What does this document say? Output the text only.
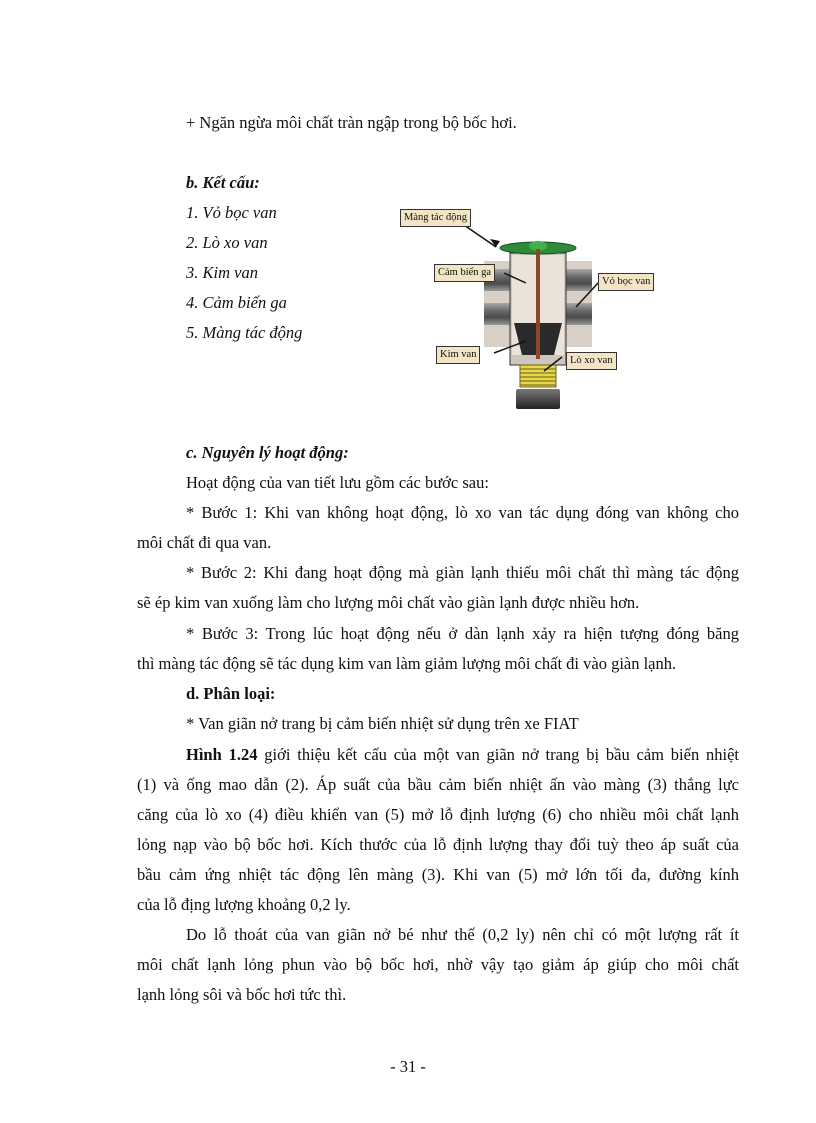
+ Ngăn ngừa môi chất tràn ngập trong bộ bốc hơi.
b. Kết cấu:
1. Vỏ bọc van
2. Lò xo van
3. Kim van
4. Cảm biến ga
5. Màng tác động
Màng tác động
Cảm biến ga
Vỏ bọc van
Kim van
Lò xo van
c. Nguyên lý hoạt động:
Hoạt động của van tiết lưu gồm các bước sau:
* Bước 1: Khi van không hoạt động, lò xo van tác dụng đóng van không cho
môi chất đi qua van.
* Bước 2: Khi đang hoạt động mà giàn lạnh thiếu môi chất thì màng tác động
sẽ ép kim van xuống làm cho lượng môi chất vào giàn lạnh được nhiều hơn.
* Bước 3: Trong lúc hoạt động nếu ở dàn lạnh xảy ra hiện tượng đóng băng
thì màng tác động sẽ tác dụng kim van làm giảm lượng môi chất đi vào giàn lạnh.
d. Phân loại:
* Van giãn nở trang bị cảm biến nhiệt sử dụng trên xe FIAT
Hình 1.24 giới thiệu kết cấu của một van giãn nở trang bị bầu cảm biến nhiệt
(1) và ống mao dẫn (2). Áp suất của bầu cảm biến nhiệt ấn vào màng (3) thắng lực
căng của lò xo (4) điều khiển van (5) mở lỗ định lượng (6) cho nhiều môi chất lạnh
lỏng nạp vào bộ bốc hơi. Kích thước của lỗ định lượng thay đổi tuỳ theo áp suất của
bầu cảm ứng nhiệt tác động lên màng (3). Khi van (5) mở lớn tối đa, đường kính
của lỗ địng lượng khoảng 0,2 ly.
Do lỗ thoát của van giãn nở bé như thế (0,2 ly) nên chỉ có một lượng rất ít
môi chất lạnh lỏng phun vào bộ bốc hơi, nhờ vậy tạo giảm áp giúp cho môi chất
lạnh lỏng sôi và bốc hơi tức thì.
- 31 -
